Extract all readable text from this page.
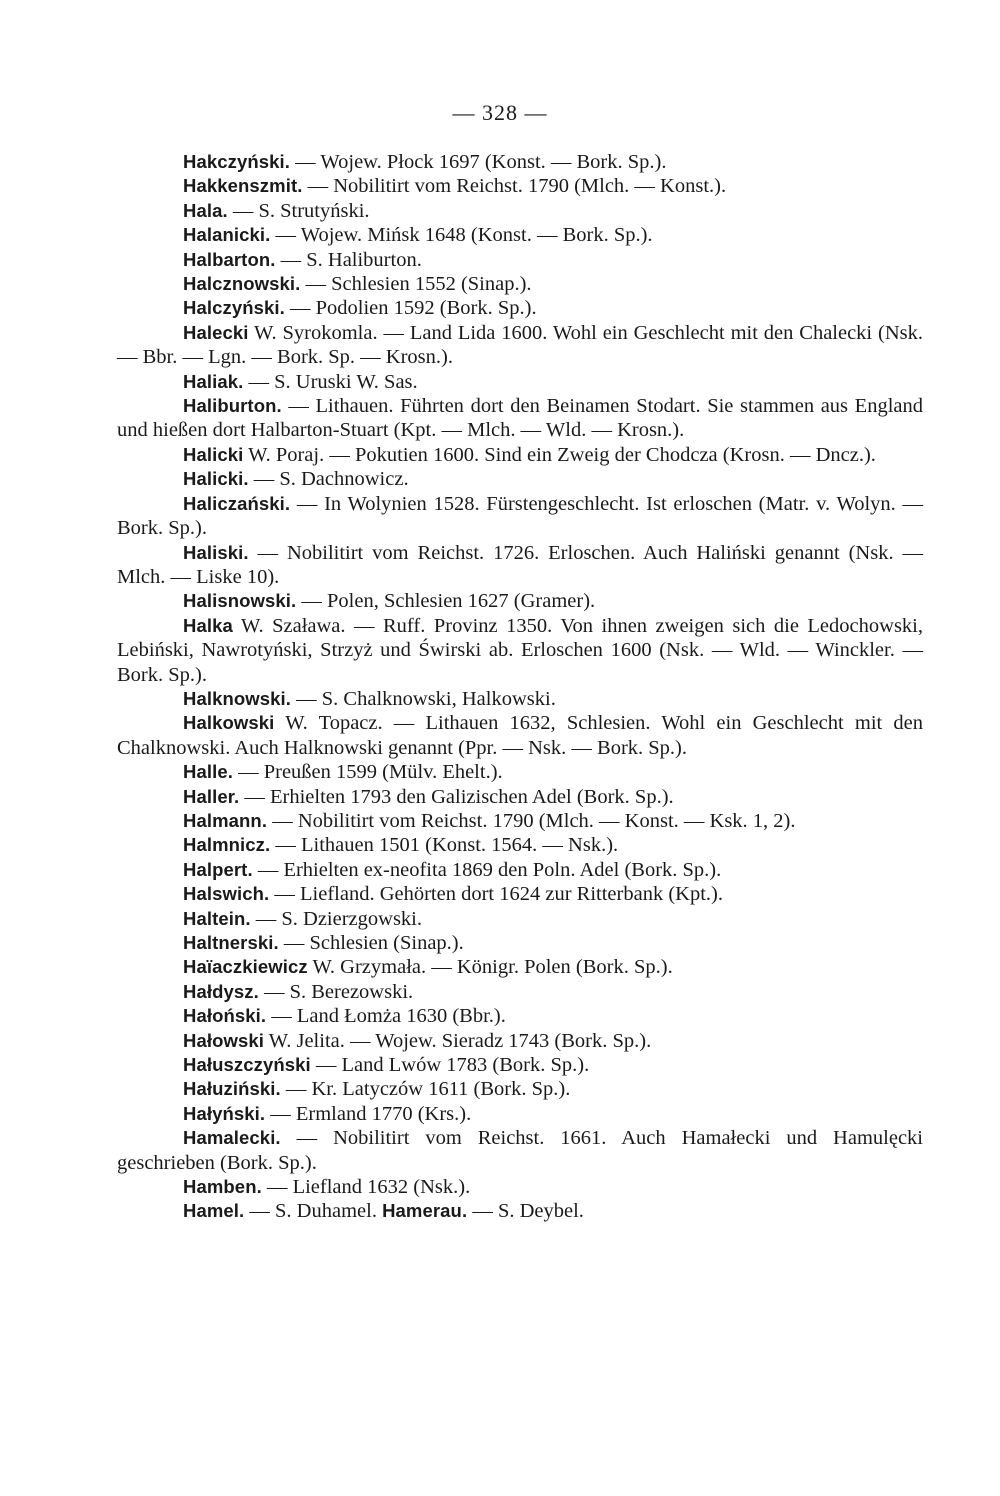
— 328 —

Hakczyński. — Wojew. Płock 1697 (Konst. — Bork. Sp.).

Hakkenszmit. — Nobilitirt vom Reichst. 1790 (Mlch. — Konst.).

Hala. — S. Strutyński.

Halanicki. — Wojew. Mińsk 1648 (Konst. — Bork. Sp.).

Halbarton. — S. Haliburton.

Halcznowski. — Schlesien 1552 (Sinap.).

Halczyński. — Podolien 1592 (Bork. Sp.).

Halecki W. Syrokomla. — Land Lida 1600. Wohl ein Geschlecht mit den Chalecki (Nsk. — Bbr. — Lgn. — Bork. Sp. — Krosn.).

Haliak. — S. Uruski W. Sas.

Haliburton. — Lithauen. Führten dort den Beinamen Stodart. Sie stammen aus England und hießen dort Halbarton-Stuart (Kpt. — Mlch. — Wld. — Krosn.).

Halicki W. Poraj. — Pokutien 1600. Sind ein Zweig der Chodcza (Krosn. — Dncz.).

Halicki. — S. Dachnowicz.

Haliczański. — In Wolynien 1528. Fürstengeschlecht. Ist erloschen (Matr. v. Wolyn. — Bork. Sp.).

Haliski. — Nobilitirt vom Reichst. 1726. Erloschen. Auch Haliński genannt (Nsk. — Mlch. — Liske 10).

Halisnowski. — Polen, Schlesien 1627 (Gramer).

Halka W. Szaława. — Ruff. Provinz 1350. Von ihnen zweigen sich die Ledochowski, Lebiński, Nawrotyński, Strzyż und Świrski ab. Erloschen 1600 (Nsk. — Wld. — Winckler. — Bork. Sp.).

Halknowski. — S. Chalknowski, Halkowski.

Halkowski W. Topacz. — Lithauen 1632, Schlesien. Wohl ein Geschlecht mit den Chalknowski. Auch Halknowski genannt (Ppr. — Nsk. — Bork. Sp.).

Halle. — Preußen 1599 (Mülv. Ehelt.).

Haller. — Erhielten 1793 den Galizischen Adel (Bork. Sp.).

Halmann. — Nobilitirt vom Reichst. 1790 (Mlch. — Konst. — Ksk. 1, 2).

Halmnicz. — Lithauen 1501 (Konst. 1564. — Nsk.).

Halpert. — Erhielten ex-neofita 1869 den Poln. Adel (Bork. Sp.).

Halswich. — Liefland. Gehörten dort 1624 zur Ritterbank (Kpt.).

Haltein. — S. Dzierzgowski.

Haltnerski. — Schlesien (Sinap.).

Haïaczkiewicz W. Grzymała. — Königr. Polen (Bork. Sp.).

Hałdysz. — S. Berezowski.

Hałoński. — Land Łomża 1630 (Bbr.).

Hałowski W. Jelita. — Wojew. Sieradz 1743 (Bork. Sp.).

Hałuszczyński — Land Lwów 1783 (Bork. Sp.).

Hałuziński. — Kr. Latyczów 1611 (Bork. Sp.).

Hałyński. — Ermland 1770 (Krs.).

Hamalecki. — Nobilitirt vom Reichst. 1661. Auch Hamałecki und Hamulęcki geschrieben (Bork. Sp.).

Hamben. — Liefland 1632 (Nsk.).

Hamel. — S. Duhamel. Hamerau. — S. Deybel.
